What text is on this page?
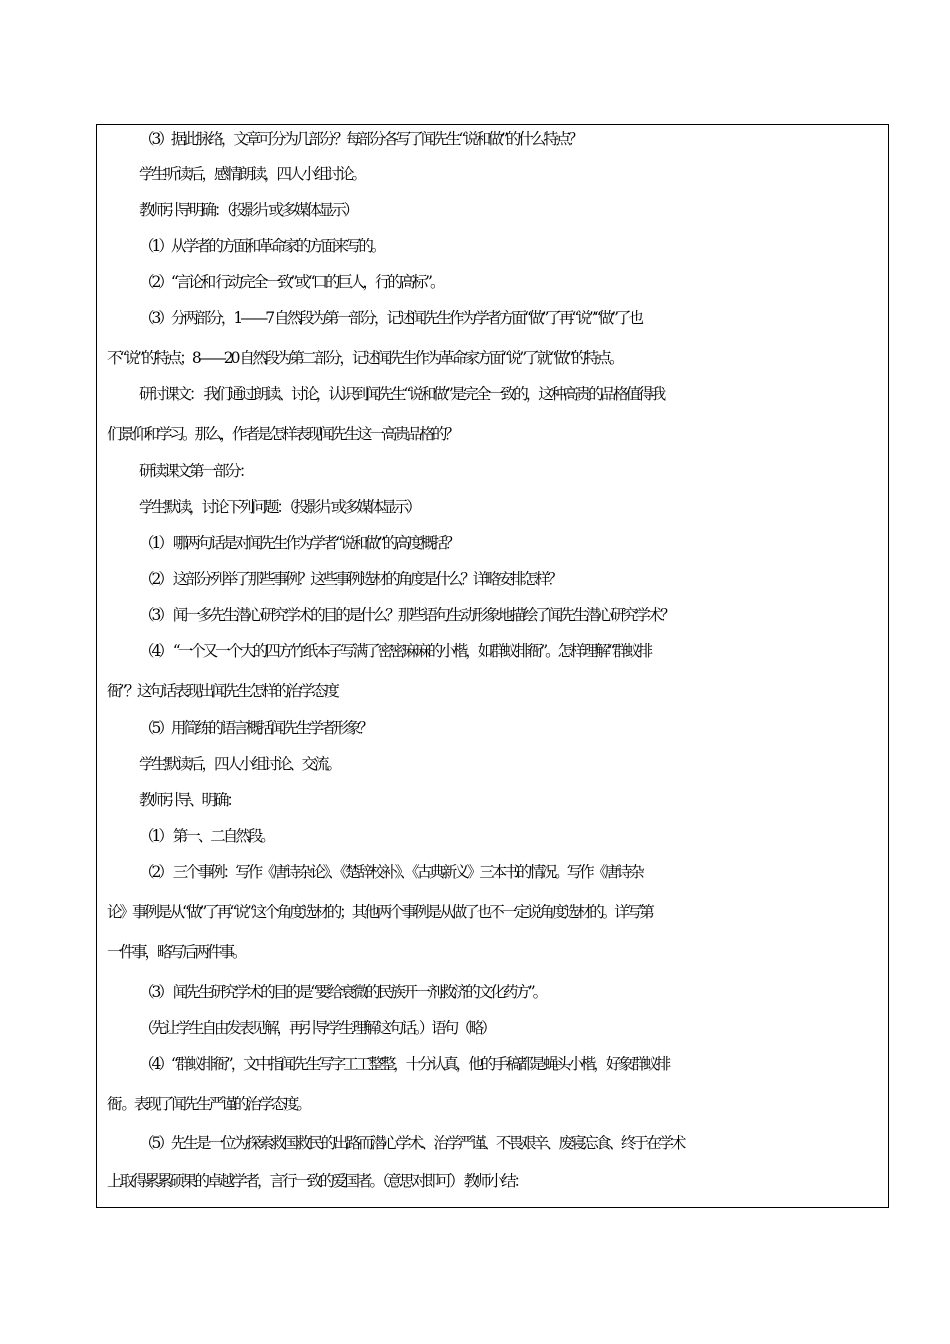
（3）据此脉络，文章可分为几部分？每部分各写了闻先生“说和做”的什么特点？
学生听读后，感情朗读，四人小组讨论。
教师引导明确：（投影片或多媒体显示）
（1）从学者的方面和革命家的方面来写的。
（2）“言论和 行动完全一致”或“口的巨人，行的高标”。
（3）分两部分，1——7 自然段为第一部分，记述闻先生作为学者方面“做”了再“说”“做”了也
不“说”的特点；8——20 自然段为第二部分，记述闻先生作为革命家方面“说”了就“做”的特点。
研讨课文： 我们通过朗读、讨论，认识到闻先生“说和做”是完全一致的，这种高贵的品格值得我
们景仰和学习。那么，作者是怎样表现闻先生这一高贵品格的？
研读课文第一部分：
学生默读，讨论下列问题：（投影片或多媒体显示）
（1） 哪两句话是对闻先生作为学者“说和做”的高度概括？
（2） 这部分列举了那些事例？这些事例选材的角度是什么？详略安排怎样？
（3） 闻一多先生潜心研究学术的目的是什么？那些语句生动形象地描绘了闻先生潜心研究学术？
（4） “一个又一个大的四方竹纸本子写满了密密麻麻的小楷，如群蚁排衙”。怎样理解“群蚁排
衙”？这句话表现出闻先生怎样的治学态度
（5）用简练的语言概括闻先生学者形象？
学生默读后，四人小组讨论、交流。
教师引导、明确：
（1） 第一、二自然段。
（2） 三个事例：写作《唐诗杂论》、《楚辞校补》、《古典新义》三本书的情况。写作《唐诗杂
论》事例是从“做”了再“说”这个角度选材的；其他两个事例是从做了也不一定说角度选材的。详写第
一件事，略写后两件事。
（3） 闻先生研究学术的目的是“要给衰微的民族开一剂救济的文化药方”。
（先让学生自由发表见解，再引导学生理解这句话。）语句（略）
（4）“群蚁排衙”，文中指闻先生写字工工整整，十分认真，他的手稿都是蝇头小楷，好象群蚁排
衙 。表现了闻先生严谨的治学态度。
（5）先生是一位为探索救国救民的出路而潜心学术、治学严谨、不畏艰辛、废寝忘食、终于在学术
上取得累累硕果的卓越学者，言行一致的爱国者。（意思对即可） 教师小结：
